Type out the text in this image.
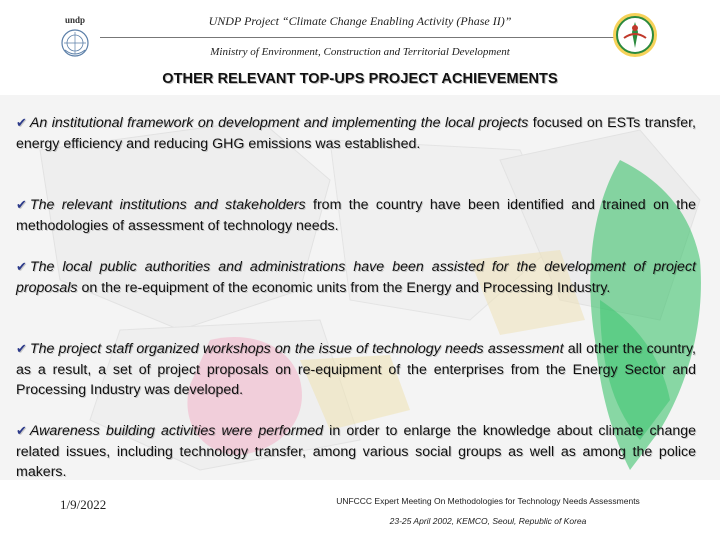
undp	UNDP Project “Climate Change Enabling Activity (Phase II)”
Ministry of Environment, Construction and Territorial Development
OTHER RELEVANT TOP-UPS PROJECT ACHIEVEMENTS

✔ An institutional framework on development and implementing the local projects focused on ESTs transfer, energy efficiency and reducing GHG emissions was established.

✔ The relevant institutions and stakeholders from the country have been identified and trained on the methodologies of assessment of technology needs.

✔ The local public authorities and administrations have been assisted for the development of project proposals on the re-equipment of the economic units from the Energy and Processing Industry.

✔ The project staff organized workshops on the issue of technology needs assessment all other the country, as a result, a set of project proposals on re-equipment of the enterprises from the Energy Sector and Processing Industry was developed.

✔ Awareness building activities were performed in order to enlarge the knowledge about climate change related issues, including technology transfer, among various social groups as well as among the police makers.

1/9/2022	UNFCCC Expert Meeting On Methodologies for Technology Needs Assessments
23-25 April 2002, KEMCO, Seoul, Republic of Korea
